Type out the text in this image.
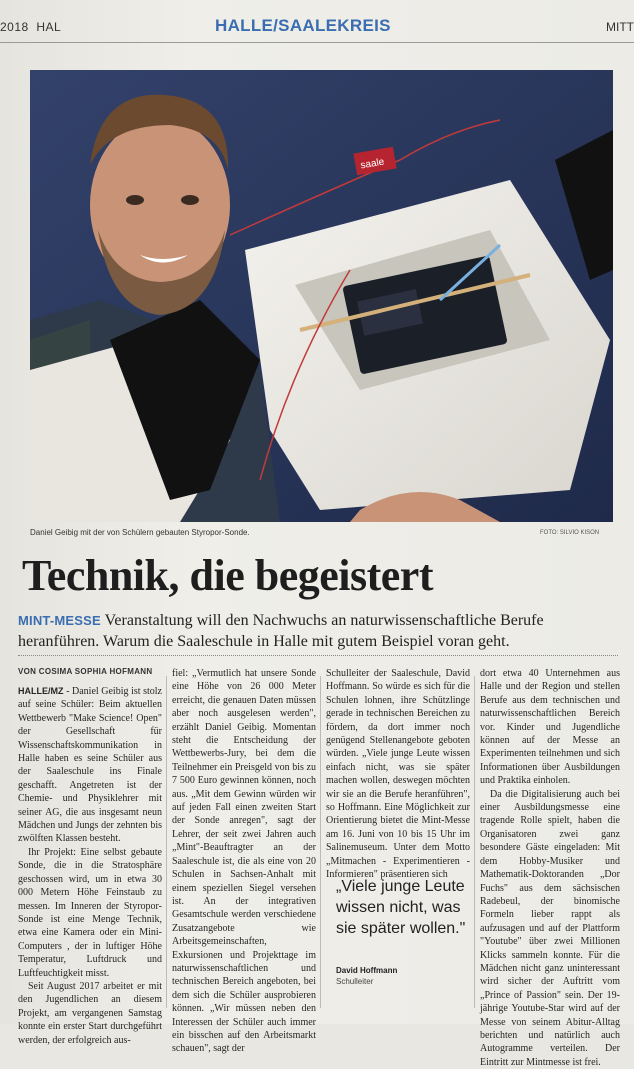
2018 HAL	HALLE/SAALEKREIS	MITT
saale
Daniel Geibig mit der von Schülern gebauten Styropor-Sonde.	FOTO: SILVIO KISON
Technik, die begeistert
MINT-MESSE Veranstaltung will den Nachwuchs an naturwissenschaftliche Berufe heranführen. Warum die Saaleschule in Halle mit gutem Beispiel voran geht.
VON COSIMA SOPHIA HOFMANN

HALLE/MZ - Daniel Geibig ist stolz auf seine Schüler: Beim aktuellen Wettbewerb "Make Science! Open" der Gesellschaft für Wissenschaftskommunikation in Halle haben es seine Schüler aus der Saaleschule ins Finale geschafft. Angetreten ist der Chemie- und Physiklehrer mit seiner AG, die aus insgesamt neun Mädchen und Jungs der zehnten bis zwölften Klassen besteht.

Ihr Projekt: Eine selbst gebaute Sonde, die in die Stratosphäre geschossen wird, um in etwa 30 000 Metern Höhe Feinstaub zu messen. Im Inneren der Styropor-Sonde ist eine Menge Technik, etwa eine Kamera oder ein Mini-Computers , der in luftiger Höhe Temperatur, Luftdruck und Luftfeuchtigkeit misst.

Seit August 2017 arbeitet er mit den Jugendlichen an diesem Projekt, am vergangenen Samstag konnte ein erster Start durchgeführt werden, der erfolgreich aus-

fiel: „Vermutlich hat unsere Sonde eine Höhe von 26 000 Meter erreicht, die genauen Daten müssen aber noch ausgelesen werden", erzählt Daniel Geibig. Momentan steht die Entscheidung der Wettbewerbs-Jury, bei dem die Teilnehmer ein Preisgeld von bis zu 7 500 Euro gewinnen können, noch aus. „Mit dem Gewinn würden wir auf jeden Fall einen zweiten Start der Sonde anregen", sagt der Lehrer, der seit zwei Jahren auch „Mint"-Beauftragter an der Saaleschule ist, die als eine von 20 Schulen in Sachsen-Anhalt mit einem speziellen Siegel versehen ist. An der integrativen Gesamtschule werden verschiedene Zusatzangebote wie Arbeitsgemeinschaften, Exkursionen und Projekttage im naturwissenschaftlichen und technischen Bereich angeboten, bei dem sich die Schüler ausprobieren können. „Wir müssen neben den Interessen der Schüler auch immer ein bisschen auf den Arbeitsmarkt schauen", sagt der

Schulleiter der Saaleschule, David Hoffmann. So würde es sich für die Schulen lohnen, ihre Schützlinge gerade in technischen Bereichen zu fördern, da dort immer noch genügend Stellenangebote geboten würden. „Viele junge Leute wissen einfach nicht, was sie später machen wollen, deswegen möchten wir sie an die Berufe heranführen", so Hoffmann. Eine Möglichkeit zur Orientierung bietet die Mint-Messe am 16. Juni von 10 bis 15 Uhr im Salinemuseum. Unter dem Motto „Mitmachen - Experimentieren - Informieren" präsentieren sich

„Viele junge Leute wissen nicht, was sie später wollen."
David Hoffmann
Schulleiter

dort etwa 40 Unternehmen aus Halle und der Region und stellen Berufe aus dem technischen und naturwissenschaftlichen Bereich vor. Kinder und Jugendliche können auf der Messe an Experimenten teilnehmen und sich Informationen über Ausbildungen und Praktika einholen.

Da die Digitalisierung auch bei einer Ausbildungsmesse eine tragende Rolle spielt, haben die Organisatoren zwei ganz besondere Gäste eingeladen: Mit dem Hobby-Musiker und Mathematik-Doktoranden „Dor Fuchs" aus dem sächsischen Radebeul, der binomische Formeln lieber rappt als aufzusagen und auf der Plattform "Youtube" über zwei Millionen Klicks sammeln konnte. Für die Mädchen nicht ganz uninteressant wird sicher der Auftritt vom „Prince of Passion" sein. Der 19-jährige Youtube-Star wird auf der Messe von seinem Abitur-Alltag berichten und natürlich auch Autogramme verteilen. Der Eintritt zur Mintmesse ist frei.
